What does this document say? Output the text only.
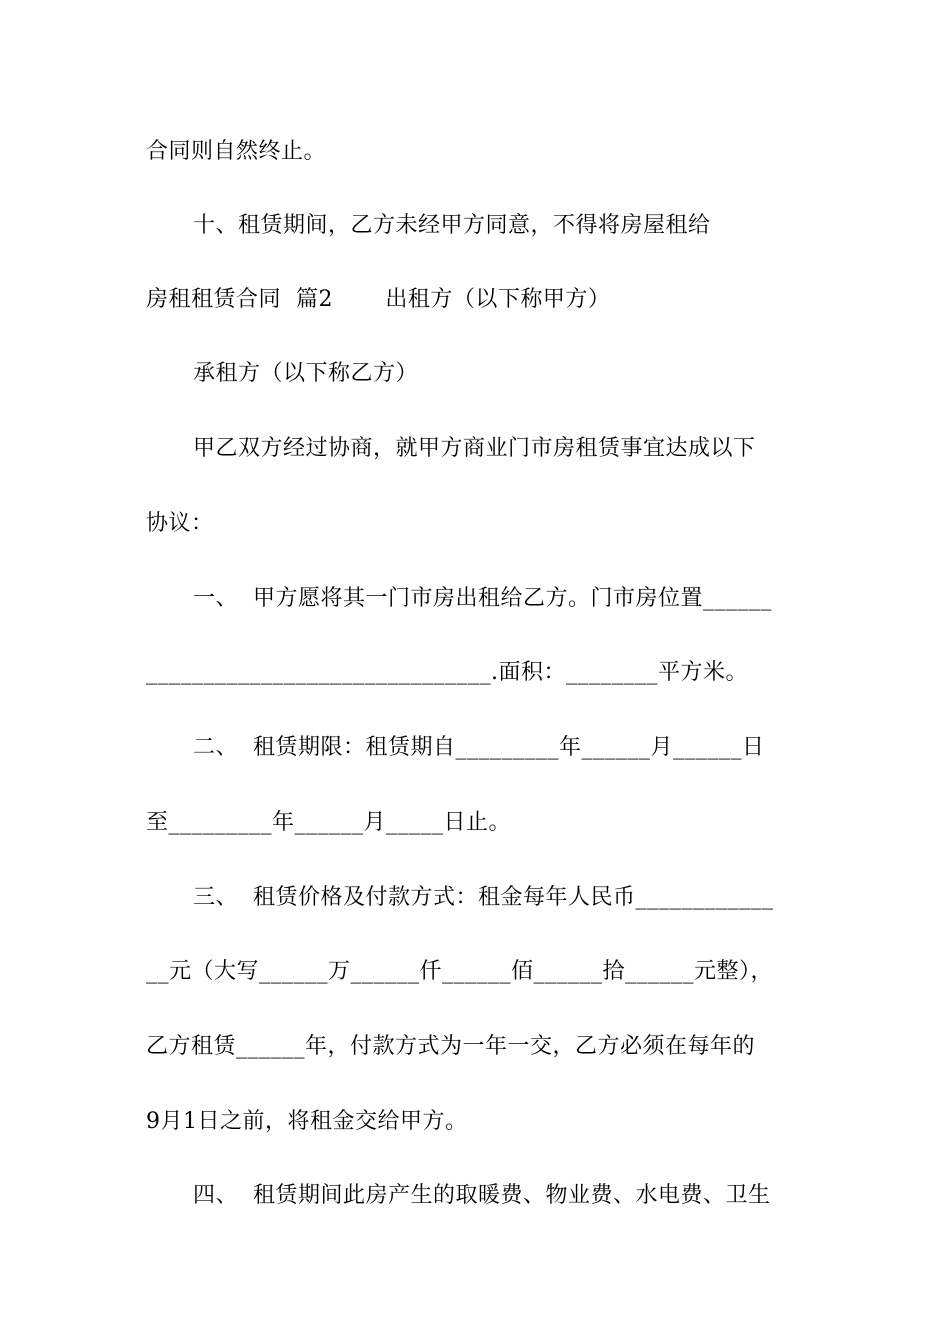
合同则自然终止。
十、租赁期间，乙方未经甲方同意，不得将房屋租给
房租租赁合同  篇2       出租方（以下称甲方）
承租方（以下称乙方）
甲乙双方经过协商，就甲方商业门市房租赁事宜达成以下
协议：
一、  甲方愿将其一门市房出租给乙方。门市房位置______
______________________________.面积：________平方米。
二、  租赁期限：租赁期自_________年______月______日
至_________年______月_____日止。
三、  租赁价格及付款方式：租金每年人民币____________
__元（大写______万______仟______佰______拾______元整），
乙方租赁______年，付款方式为一年一交，乙方必须在每年的
9月1日之前，将租金交给甲方。
四、  租赁期间此房产生的取暖费、物业费、水电费、卫生
